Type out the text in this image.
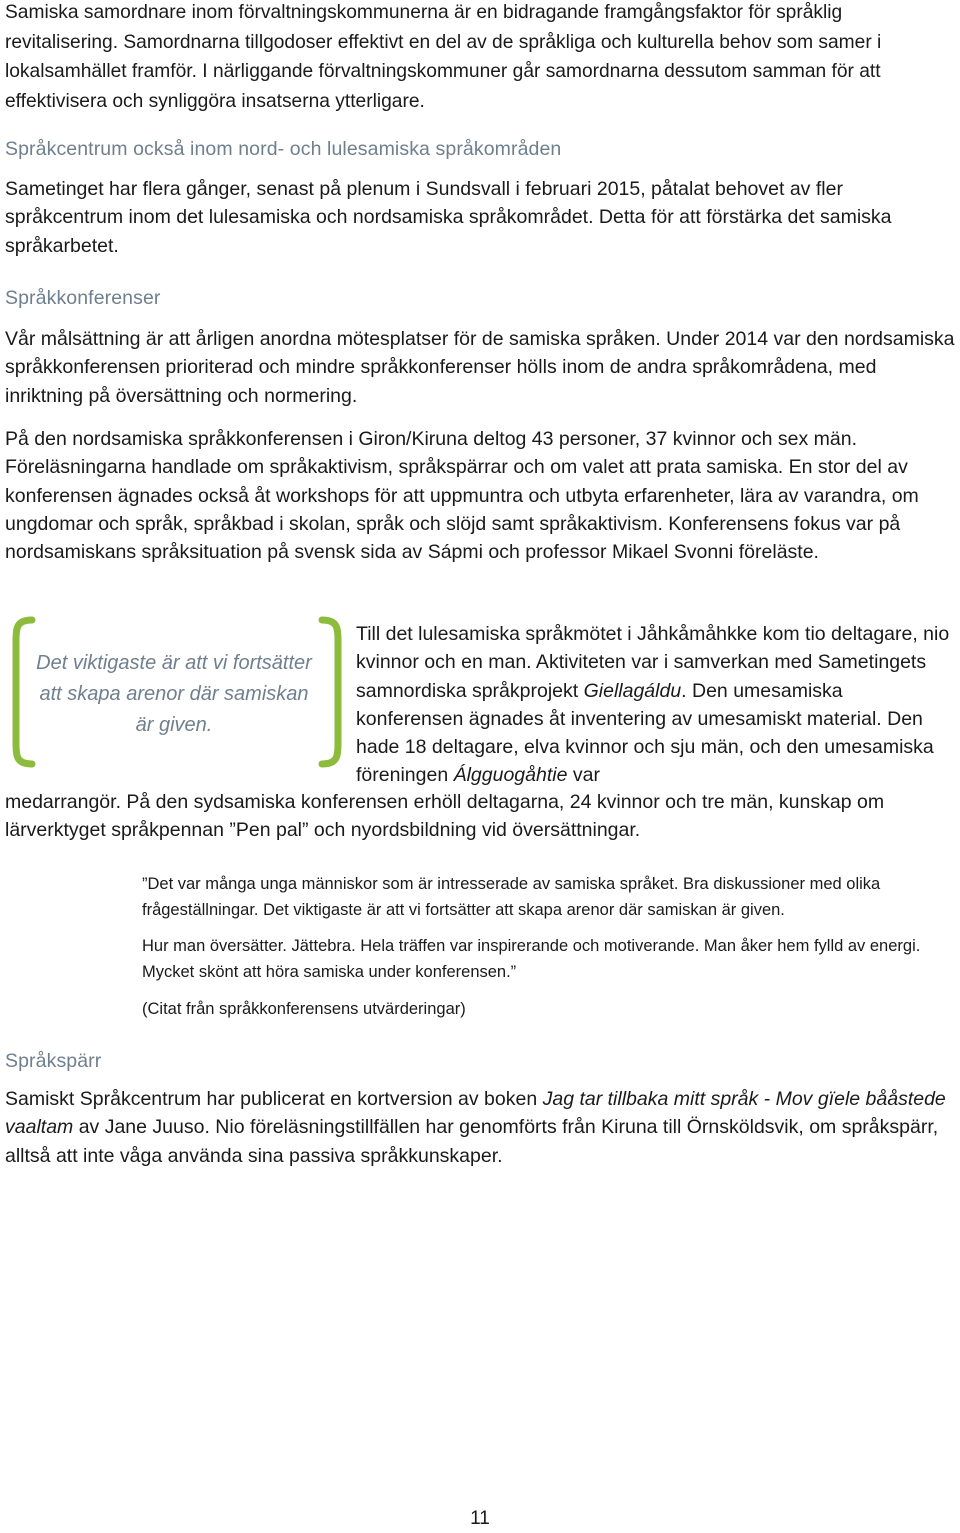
Samiska samordnare inom förvaltningskommunerna är en bidragande framgångsfaktor för språklig revitalisering. Samordnarna tillgodoser effektivt en del av de språkliga och kulturella behov som samer i lokalsamhället framför. I närliggande förvaltningskommuner går samordnarna dessutom samman för att effektivisera och synliggöra insatserna ytterligare.

Språkcentrum också inom nord- och lulesamiska språkområden

Sametinget har flera gånger, senast på plenum i Sundsvall i februari 2015, påtalat behovet av fler språkcentrum inom det lulesamiska och nordsamiska språkområdet. Detta för att förstärka det samiska språkarbetet.

Språkkonferenser

Vår målsättning är att årligen anordna mötesplatser för de samiska språken. Under 2014 var den nordsamiska språkkonferensen prioriterad och mindre språkkonferenser hölls inom de andra språkområdena, med inriktning på översättning och normering.

På den nordsamiska språkkonferensen i Giron/Kiruna deltog 43 personer, 37 kvinnor och sex män. Föreläsningarna handlade om språkaktivism, språkspärrar och om valet att prata samiska. En stor del av konferensen ägnades också åt workshops för att uppmuntra och utbyta erfarenheter, lära av varandra, om ungdomar och språk, språkbad i skolan, språk och slöjd samt språkaktivism. Konferensens fokus var på nordsamiskans språksituation på svensk sida av Sápmi och professor Mikael Svonni föreläste.

Det viktigaste är att vi fortsätter att skapa arenor där samiskan är given.

Till det lulesamiska språkmötet i Jåhkåmåhkke kom tio deltagare, nio kvinnor och en man. Aktiviteten var i samverkan med Sametingets samnordiska språkprojekt Giellagáldu. Den umesamiska konferensen ägnades åt inventering av umesamiskt material. Den hade 18 deltagare, elva kvinnor och sju män, och den umesamiska föreningen Álgguogåhtie var

medarrangör. På den sydsamiska konferensen erhöll deltagarna, 24 kvinnor och tre män, kunskap om lärverktyget språkpennan ”Pen pal” och nyordsbildning vid översättningar.

”Det var många unga människor som är intresserade av samiska språket. Bra diskussioner med olika frågeställningar. Det viktigaste är att vi fortsätter att skapa arenor där samiskan är given.

Hur man översätter. Jättebra. Hela träffen var inspirerande och motiverande. Man åker hem fylld av energi. Mycket skönt att höra samiska under konferensen.”

(Citat från språkkonferensens utvärderingar)

Språkspärr

Samiskt Språkcentrum har publicerat en kortversion av boken Jag tar tillbaka mitt språk - Mov gïele bååstede vaaltam av Jane Juuso. Nio föreläsningstillfällen har genomförts från Kiruna till Örnsköldsvik, om språkspärr, alltså att inte våga använda sina passiva språkkunskaper.

11
